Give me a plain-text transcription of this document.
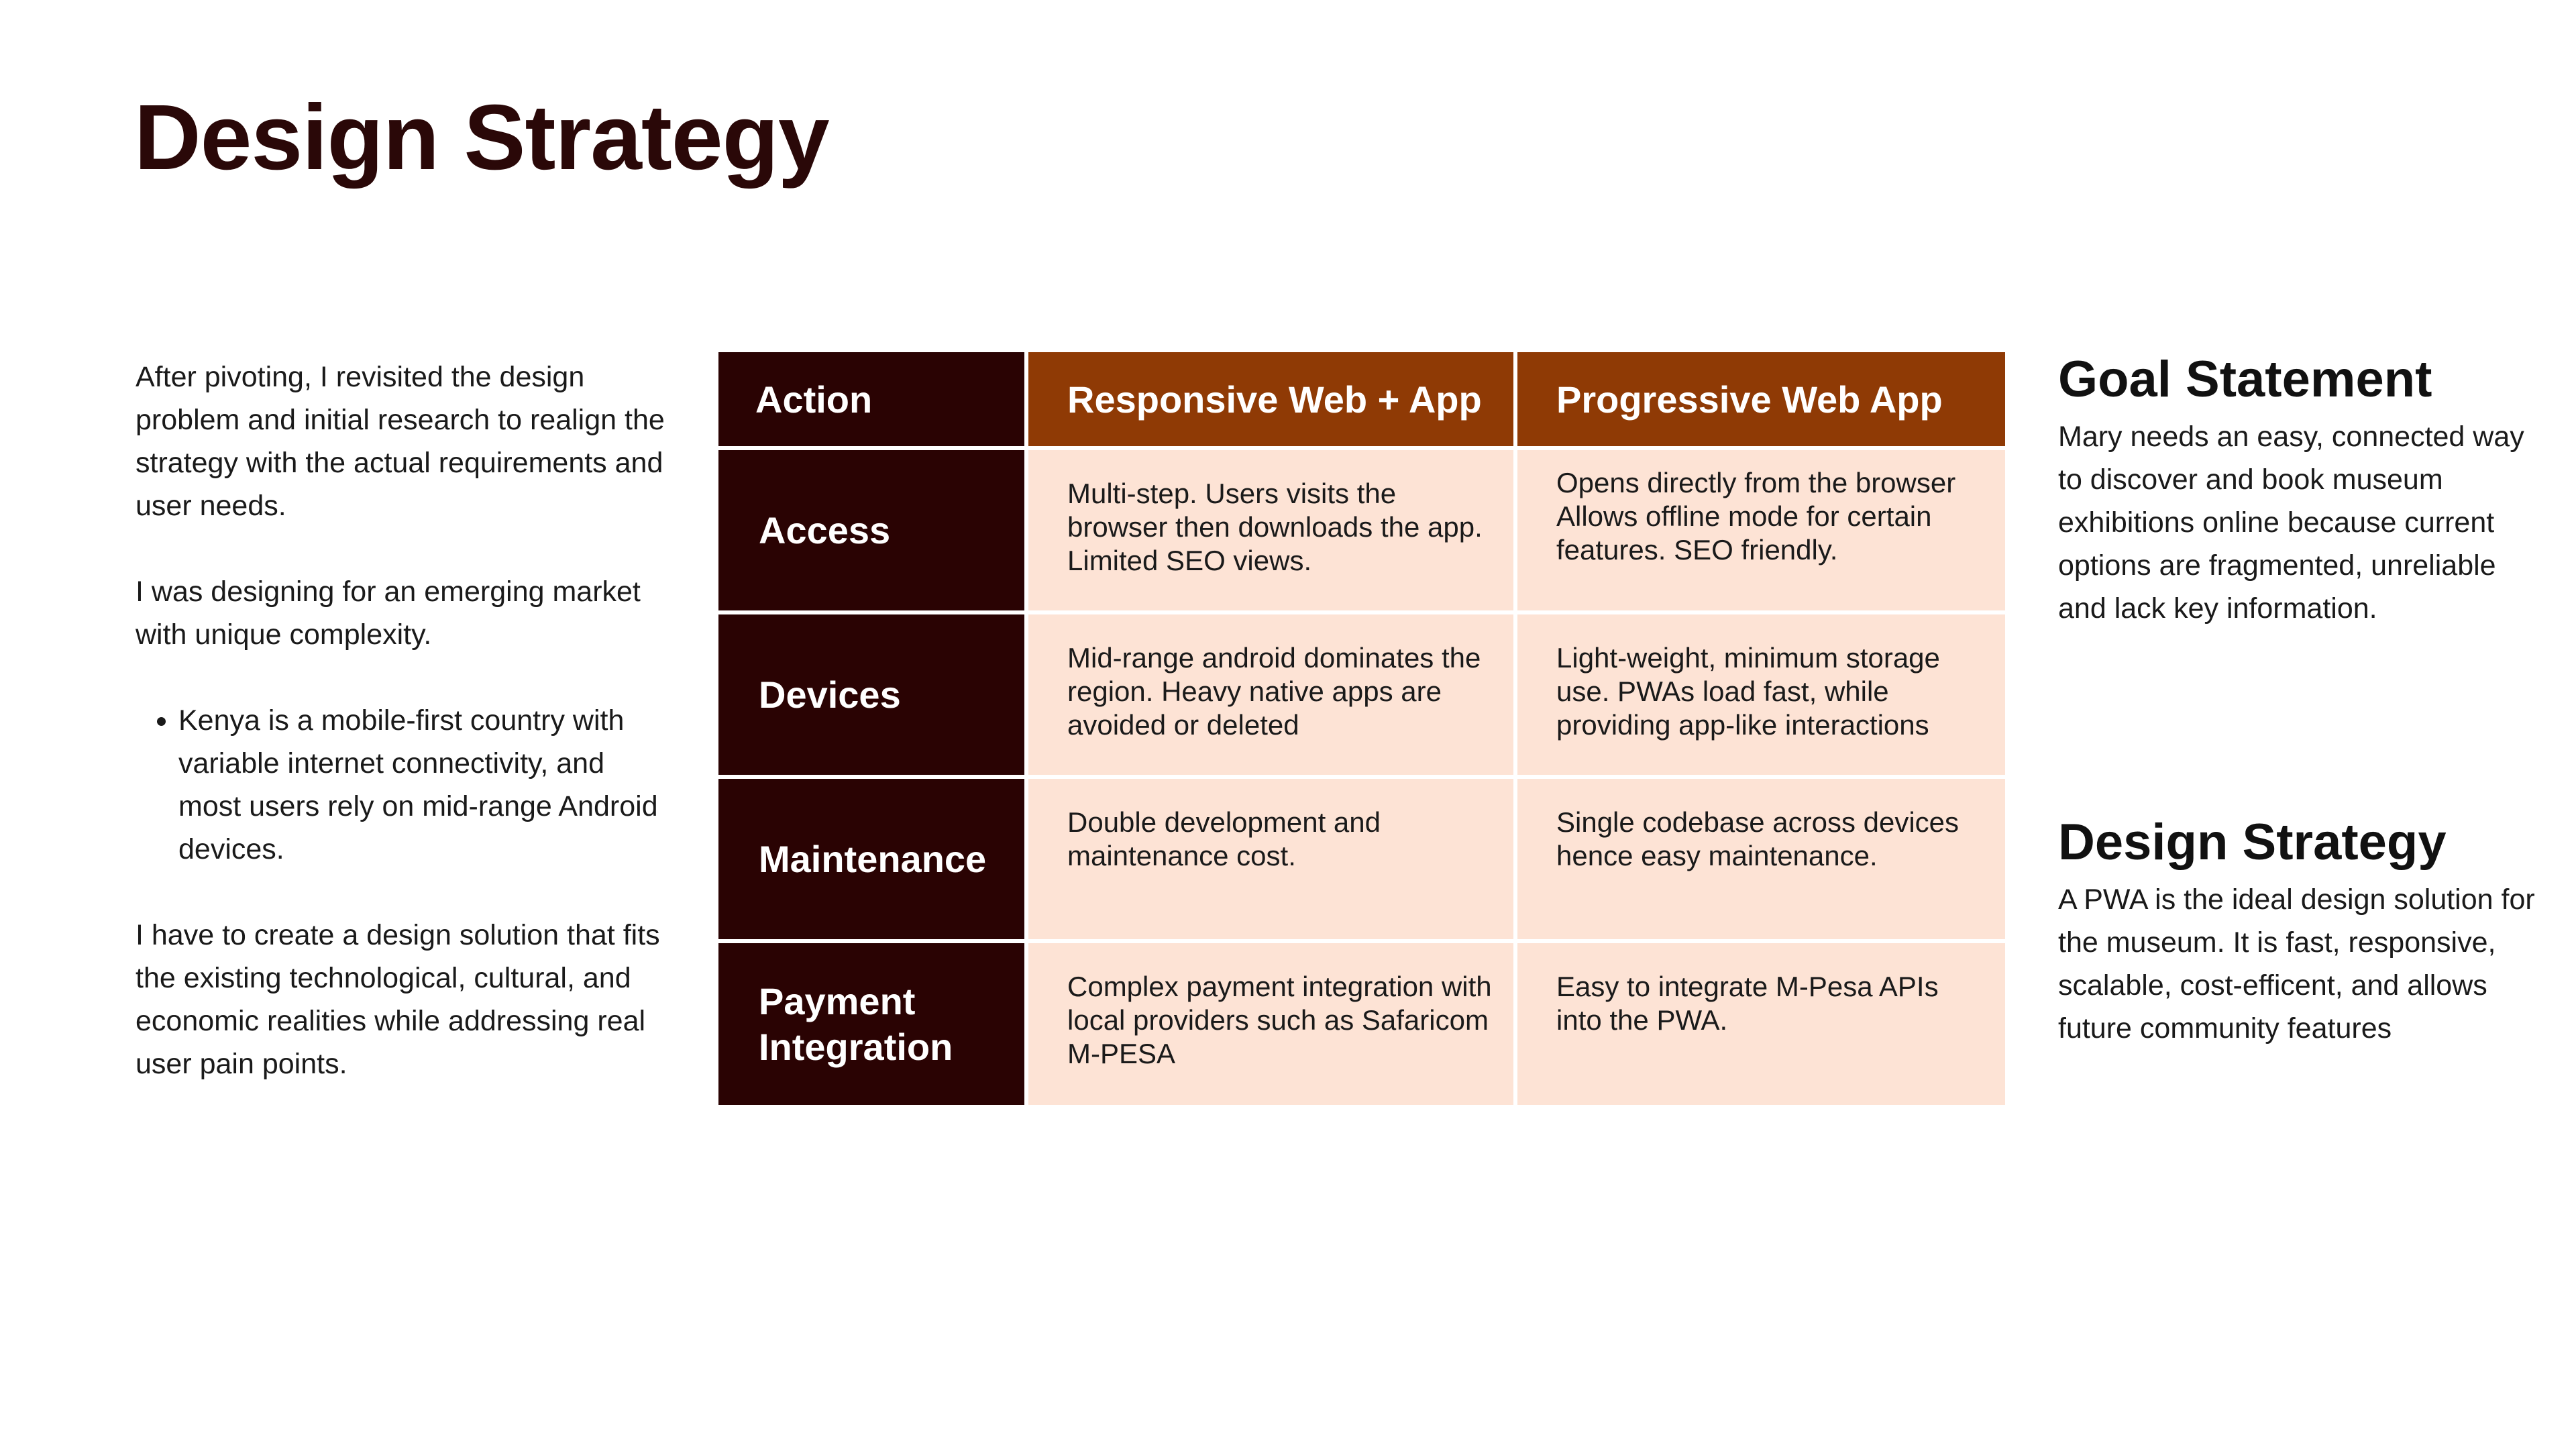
Design Strategy

After pivoting, I revisited the design problem and initial research to realign the strategy with the actual requirements and user needs.

I was designing for an emerging market with unique complexity.

• Kenya is a mobile-first country with variable internet connectivity, and most users rely on mid-range Android devices.

I have to create a design solution that fits the existing technological, cultural, and economic realities while addressing real user pain points.

Action	Responsive Web + App	Progressive Web App
Access
Multi-step. Users visits the browser then downloads the app. Limited SEO views.
Opens directly from the browser
Allows offline mode for certain features. SEO friendly.
Devices
Mid-range android dominates the region. Heavy native apps are avoided or deleted
Light-weight, minimum storage use. PWAs load fast, while providing app-like interactions
Maintenance
Double development and maintenance cost.
Single codebase across devices hence easy maintenance.
Payment
Integration
Complex payment integration with local providers such as Safaricom M-PESA
Easy to integrate M-Pesa APIs into the PWA.
Goal Statement

Mary needs an easy, connected way to discover and book museum exhibitions online because current options are fragmented, unreliable and lack key information.

Design Strategy

A PWA is the ideal design solution for the museum. It is fast, responsive, scalable, cost-efficent, and allows future community features
